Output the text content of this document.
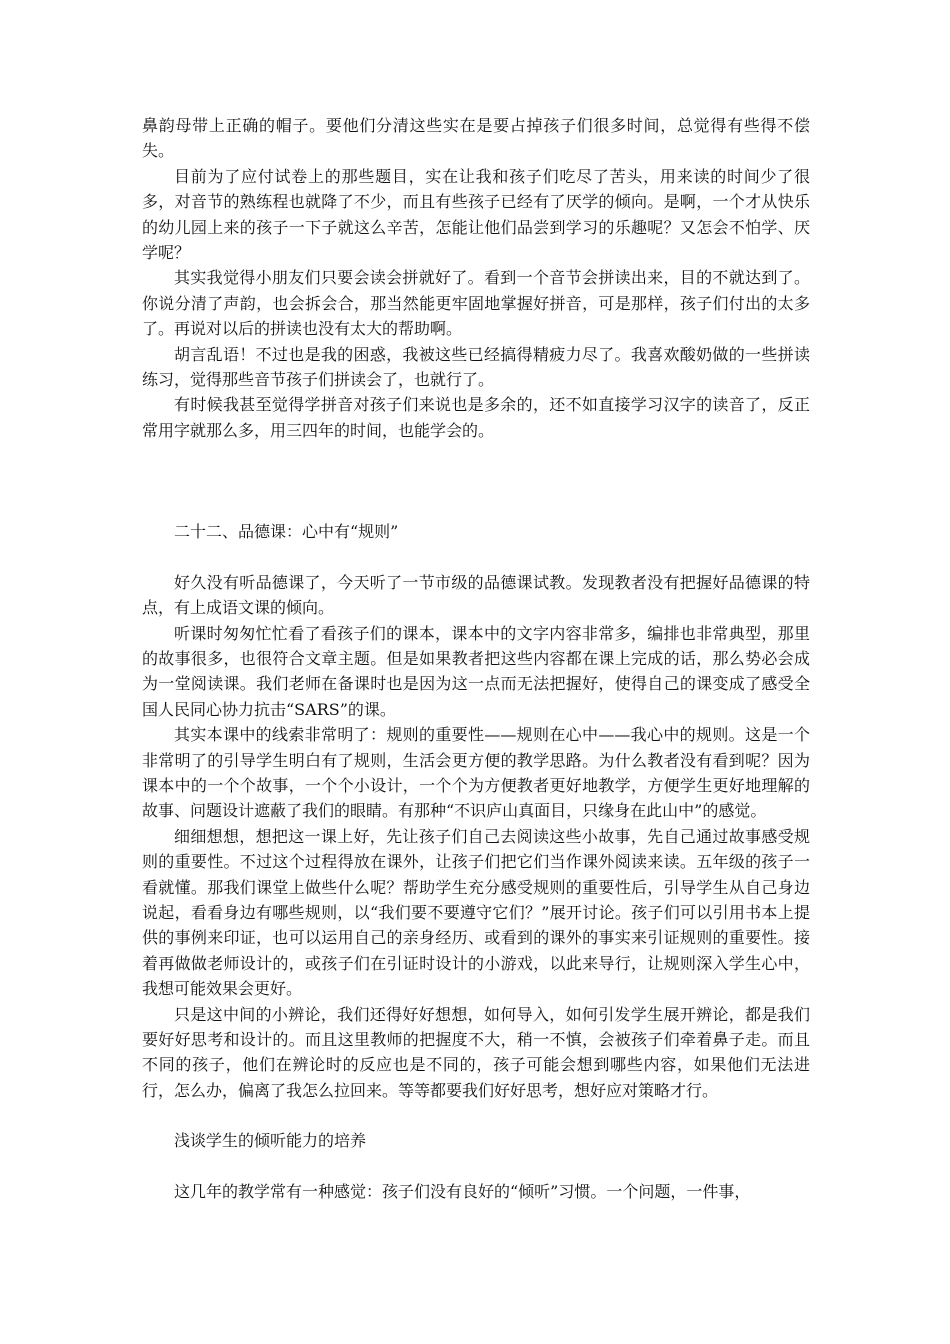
鼻韵母带上正确的帽子。要他们分清这些实在是要占掉孩子们很多时间，总觉得有些得不偿失。

目前为了应付试卷上的那些题目，实在让我和孩子们吃尽了苦头，用来读的时间少了很多，对音节的熟练程也就降了不少，而且有些孩子已经有了厌学的倾向。是啊，一个才从快乐的幼儿园上来的孩子一下子就这么辛苦，怎能让他们品尝到学习的乐趣呢？又怎会不怕学、厌学呢？

其实我觉得小朋友们只要会读会拼就好了。看到一个音节会拼读出来，目的不就达到了。你说分清了声韵，也会拆会合，那当然能更牢固地掌握好拼音，可是那样，孩子们付出的太多了。再说对以后的拼读也没有太大的帮助啊。

胡言乱语！不过也是我的困惑，我被这些已经搞得精疲力尽了。我喜欢酸奶做的一些拼读练习，觉得那些音节孩子们拼读会了，也就行了。

有时候我甚至觉得学拼音对孩子们来说也是多余的，还不如直接学习汉字的读音了，反正常用字就那么多，用三四年的时间，也能学会的。

二十二、品德课：心中有“规则”

好久没有听品德课了，今天听了一节市级的品德课试教。发现教者没有把握好品德课的特点，有上成语文课的倾向。

听课时匆匆忙忙看了看孩子们的课本，课本中的文字内容非常多，编排也非常典型，那里的故事很多，也很符合文章主题。但是如果教者把这些内容都在课上完成的话，那么势必会成为一堂阅读课。我们老师在备课时也是因为这一点而无法把握好，使得自己的课变成了感受全国人民同心协力抗击“SARS”的课。

其实本课中的线索非常明了：规则的重要性——规则在心中——我心中的规则。这是一个非常明了的引导学生明白有了规则，生活会更方便的教学思路。为什么教者没有看到呢？因为课本中的一个个故事，一个个小设计，一个个为方便教者更好地教学，方便学生更好地理解的故事、问题设计遮蔽了我们的眼睛。有那种“不识庐山真面目，只缘身在此山中”的感觉。

细细想想，想把这一课上好，先让孩子们自己去阅读这些小故事，先自己通过故事感受规则的重要性。不过这个过程得放在课外，让孩子们把它们当作课外阅读来读。五年级的孩子一看就懂。那我们课堂上做些什么呢？帮助学生充分感受规则的重要性后，引导学生从自己身边说起，看看身边有哪些规则，以“我们要不要遵守它们？”展开讨论。孩子们可以引用书本上提供的事例来印证，也可以运用自己的亲身经历、或看到的课外的事实来引证规则的重要性。接着再做做老师设计的，或孩子们在引证时设计的小游戏，以此来导行，让规则深入学生心中，我想可能效果会更好。

只是这中间的小辨论，我们还得好好想想，如何导入，如何引发学生展开辨论，都是我们要好好思考和设计的。而且这里教师的把握度不大，稍一不慎，会被孩子们牵着鼻子走。而且不同的孩子，他们在辨论时的反应也是不同的，孩子可能会想到哪些内容，如果他们无法进行，怎么办，偏离了我怎么拉回来。等等都要我们好好思考，想好应对策略才行。

浅谈学生的倾听能力的培养

这几年的教学常有一种感觉：孩子们没有良好的“倾听”习惯。一个问题，一件事，
